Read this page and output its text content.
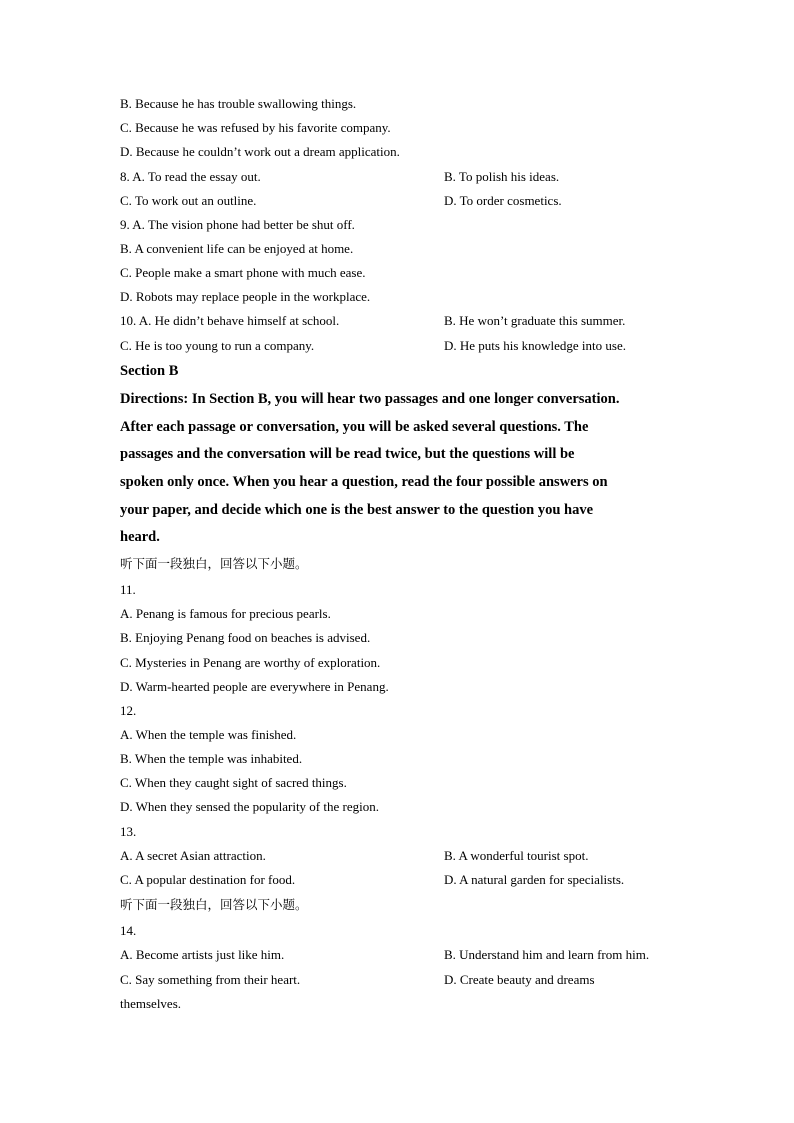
B. Because he has trouble swallowing things.
C. Because he was refused by his favorite company.
D. Because he couldn’t work out a dream application.
8. A. To read the essay out.	B. To polish his ideas.
C. To work out an outline.	D. To order cosmetics.
9. A. The vision phone had better be shut off.
B. A convenient life can be enjoyed at home.
C. People make a smart phone with much ease.
D. Robots may replace people in the workplace.
10. A. He didn’t behave himself at school.	B. He won’t graduate this summer.
C. He is too young to run a company.	D. He puts his knowledge into use.
Section B
Directions: In Section B, you will hear two passages and one longer conversation.
After each passage or conversation, you will be asked several questions. The
passages and the conversation will be read twice, but the questions will be
spoken only once. When you hear a question, read the four possible answers on
your paper, and decide which one is the best answer to the question you have
heard.
听下面一段独白，回答以下小题。
11.
A. Penang is famous for precious pearls.
B. Enjoying Penang food on beaches is advised.
C. Mysteries in Penang are worthy of exploration.
D. Warm-hearted people are everywhere in Penang.
12.
A. When the temple was finished.
B. When the temple was inhabited.
C. When they caught sight of sacred things.
D. When they sensed the popularity of the region.
13.
A. A secret Asian attraction.	B. A wonderful tourist spot.
C. A popular destination for food.	D. A natural garden for specialists.
听下面一段独白，回答以下小题。
14.
A. Become artists just like him.	B. Understand him and learn from him.
C. Say something from their heart.	D. Create beauty and dreams
themselves.
